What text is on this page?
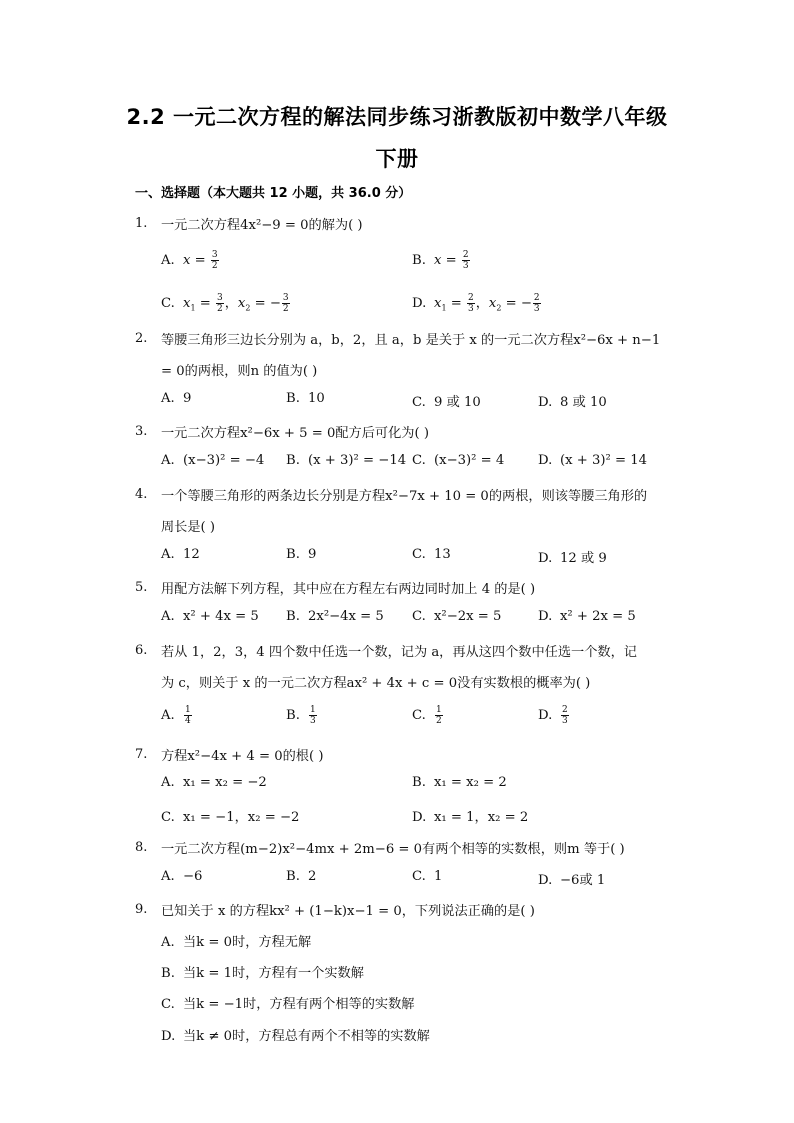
2.2 一元二次方程的解法同步练习浙教版初中数学八年级
下册
一、选择题（本大题共 12 小题，共 36.0 分）
1. 一元二次方程4x²−9 = 0的解为( )
A. $x = \frac{3}{2}$	B. $x = \frac{2}{3}$
C. $x_1 = \frac{3}{2}$ ，$x_2$ = − $\frac{3}{2}$	D. $x_1 = \frac{2}{3}$ ，$x_2$ = − $\frac{2}{3}$
2. 等腰三角形三边长分别为 a，b，2，且 a，b 是关于 x 的一元二次方程x²−6x + n−1
= 0的两根，则n 的值为( )
A. 9	B. 10	C. 9 或 10	D. 8 或 10
3. 一元二次方程x²−6x + 5 = 0配方后可化为( )
A. (x−3)² = −4 B. (x + 3)² = −14 C. (x−3)² = 4	D. (x + 3)² = 14
4. 一个等腰三角形的两条边长分别是方程x²−7x + 10 = 0的两根，则该等腰三角形的
周长是( )
A. 12	B. 9	C. 13	D. 12 或 9
5. 用配方法解下列方程，其中应在方程左右两边同时加上 4 的是( )
A. x² + 4x = 5 B. 2x²−4x = 5 C. x²−2x = 5	D. x² + 2x = 5
6. 若从 1，2，3，4 四个数中任选一个数，记为 a，再从这四个数中任选一个数，记
为 c，则关于 x 的一元二次方程ax² + 4x + c = 0没有实数根的概率为( )
A. $\frac{1}{4}$	B. $\frac{1}{3}$	C. $\frac{1}{2}$	D. $\frac{2}{3}$
7. 方程x²−4x + 4 = 0的根( )
A. x₁ = x₂ = −2	B. x₁ = x₂ = 2
C. x₁ = −1，x₂ = −2	D. x₁ = 1，x₂ = 2
8. 一元二次方程(m−2)x²−4mx + 2m−6 = 0有两个相等的实数根，则m 等于( )
A. −6	B. 2	C. 1	D. −6或 1
9. 已知关于 x 的方程kx² + (1−k)x−1 = 0，下列说法正确的是( )
A. 当k = 0时，方程无解
B. 当k = 1时，方程有一个实数解
C. 当k = −1时，方程有两个相等的实数解
D. 当k ≠ 0时，方程总有两个不相等的实数解
